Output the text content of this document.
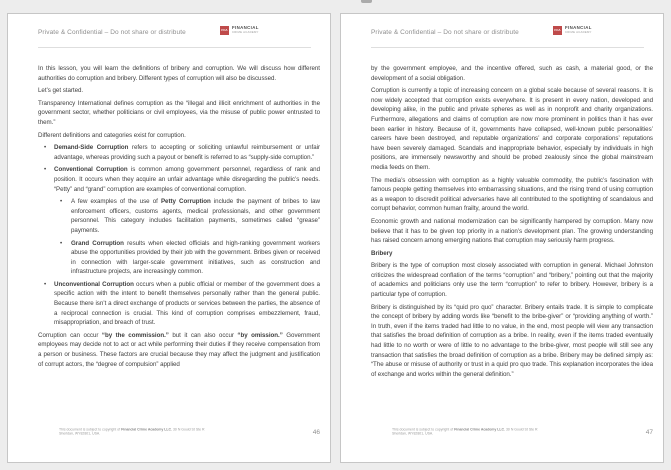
Private & Confidential – Do not share or distribute	FCA
FINANCIAL
CRIME ACADEMY
In this lesson, you will learn the definitions of bribery and corruption. We will discuss how different authorities do corruption and bribery. Different types of corruption will also be discussed.
Let’s get started.
Transparency International defines corruption as the “illegal and illicit enrichment of authorities in the government sector, whether politicians or civil employees, via the misuse of public power entrusted to them.”
Different definitions and categories exist for corruption.
• Demand-Side Corruption refers to accepting or soliciting unlawful reimbursement or unfair advantage, whereas providing such a payout or benefit is referred to as “supply-side corruption.”
• Conventional Corruption is common among government personnel, regardless of rank and position. It occurs when they acquire an unfair advantage while disregarding the public’s needs. “Petty” and “grand” corruption are examples of conventional corruption.
• A few examples of the use of Petty Corruption include the payment of bribes to law enforcement officers, customs agents, medical professionals, and other government personnel. This category includes facilitation payments, sometimes called “grease” payments.
• Grand Corruption results when elected officials and high-ranking government workers abuse the opportunities provided by their job with the government. Bribes given or received in connection with larger-scale government initiatives, such as construction and infrastructure projects, are increasingly common.
• Unconventional Corruption occurs when a public official or member of the government does a specific action with the intent to benefit themselves personally rather than the general public. Because there isn’t a direct exchange of products or services between the parties, the absence of a reciprocal connection is crucial. This kind of corruption comprises embezzlement, fraud, misappropriation, and breach of trust.
Corruption can occur “by the commission.” but it can also occur “by omission.” Government employees may decide not to act or act while performing their duties if they receive compensation from a person or business. These factors are crucial because they may affect the judgment and justification of corrupt actors, the “degree of compulsion” applied
This document is subject to copyright of Financial Crime Academy LLC, 30 N Gould St Ste R Sheridan, WY82801, USA.	46
Private & Confidential – Do not share or distribute	FCA
FINANCIAL
CRIME ACADEMY
by the government employee, and the incentive offered, such as cash, a material good, or the development of a social obligation.
Corruption is currently a topic of increasing concern on a global scale because of several reasons. It is now widely accepted that corruption exists everywhere. It is present in every nation, developed and developing alike, in the public and private spheres as well as in nonprofit and charity organizations. Furthermore, allegations and claims of corruption are now more prominent in politics than it has ever been earlier in history. Because of it, governments have collapsed, well-known public personalities’ careers have been destroyed, and reputable organizations’ and corporate corporations’ reputations have been severely damaged. Scandals and inappropriate behavior, especially by individuals in high positions, are immensely newsworthy and should be probed zealously since the global mainstream media feeds on them.
The media’s obsession with corruption as a highly valuable commodity, the public’s fascination with famous people getting themselves into embarrassing situations, and the rising trend of using corruption as a weapon to discredit political adversaries have all contributed to the spotlighting of scandalous and corrupt behavior, common human frailty, around the world.
Economic growth and national modernization can be significantly hampered by corruption. Many now believe that it has to be given top priority in a nation’s development plan. The growing understanding has raised concern among emerging nations that corruption may seriously harm progress.
Bribery
Bribery is the type of corruption most closely associated with corruption in general. Michael Johnston criticizes the widespread conflation of the terms “corruption” and “bribery,” pointing out that the majority of academics and politicians only use the term “corruption” to refer to bribery. However, bribery is a particular type of corruption.
Bribery is distinguished by its “quid pro quo” character. Bribery entails trade. It is simple to complicate the concept of bribery by adding words like “benefit to the bribe-giver” or “providing anything of worth.” In truth, even if the items traded had little to no value, in the end, most people will view any transaction that satisfies the broad definition of corruption as a bribe. In reality, even if the items traded eventually had little to no worth or were of little to no advantage to the bribe-giver, most people will still see any transaction that satisfies the broad definition of corruption as a bribe. Bribery may be defined simply as: “The abuse or misuse of authority or trust in a quid pro quo trade. This explanation incorporates the idea of exchange and works within the general definition.”
This document is subject to copyright of Financial Crime Academy LLC, 30 N Gould St Ste R Sheridan, WY82801, USA.	47
